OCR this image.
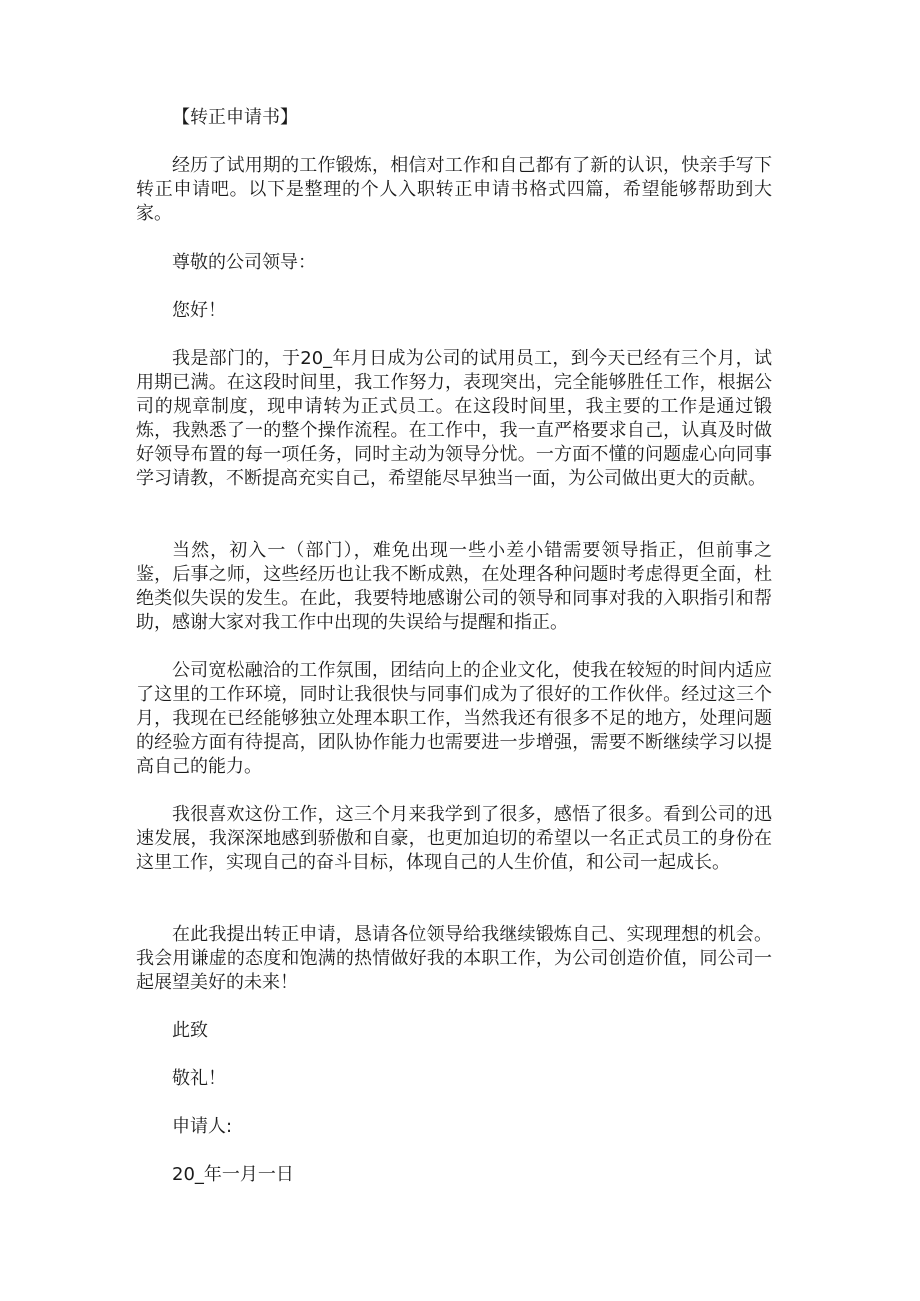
【转正申请书】

经历了试用期的工作锻炼，相信对工作和自己都有了新的认识，快亲手写下转正申请吧。以下是整理的个人入职转正申请书格式四篇，希望能够帮助到大家。

尊敬的公司领导：

您好！

我是部门的，于20_年月日成为公司的试用员工，到今天已经有三个月，试用期已满。在这段时间里，我工作努力，表现突出，完全能够胜任工作，根据公司的规章制度，现申请转为正式员工。在这段时间里，我主要的工作是通过锻炼，我熟悉了一的整个操作流程。在工作中，我一直严格要求自己，认真及时做好领导布置的每一项任务，同时主动为领导分忧。一方面不懂的问题虚心向同事学习请教，不断提高充实自己，希望能尽早独当一面，为公司做出更大的贡献。

当然，初入一（部门），难免出现一些小差小错需要领导指正，但前事之鉴，后事之师，这些经历也让我不断成熟，在处理各种问题时考虑得更全面，杜绝类似失误的发生。在此，我要特地感谢公司的领导和同事对我的入职指引和帮助，感谢大家对我工作中出现的失误给与提醒和指正。

公司宽松融洽的工作氛围，团结向上的企业文化，使我在较短的时间内适应了这里的工作环境，同时让我很快与同事们成为了很好的工作伙伴。经过这三个月，我现在已经能够独立处理本职工作，当然我还有很多不足的地方，处理问题的经验方面有待提高，团队协作能力也需要进一步增强，需要不断继续学习以提高自己的能力。

我很喜欢这份工作，这三个月来我学到了很多，感悟了很多。看到公司的迅速发展，我深深地感到骄傲和自豪，也更加迫切的希望以一名正式员工的身份在这里工作，实现自己的奋斗目标，体现自己的人生价值，和公司一起成长。

在此我提出转正申请，恳请各位领导给我继续锻炼自己、实现理想的机会。我会用谦虚的态度和饱满的热情做好我的本职工作，为公司创造价值，同公司一起展望美好的未来！

此致

敬礼！

申请人:

20_年一月一日
